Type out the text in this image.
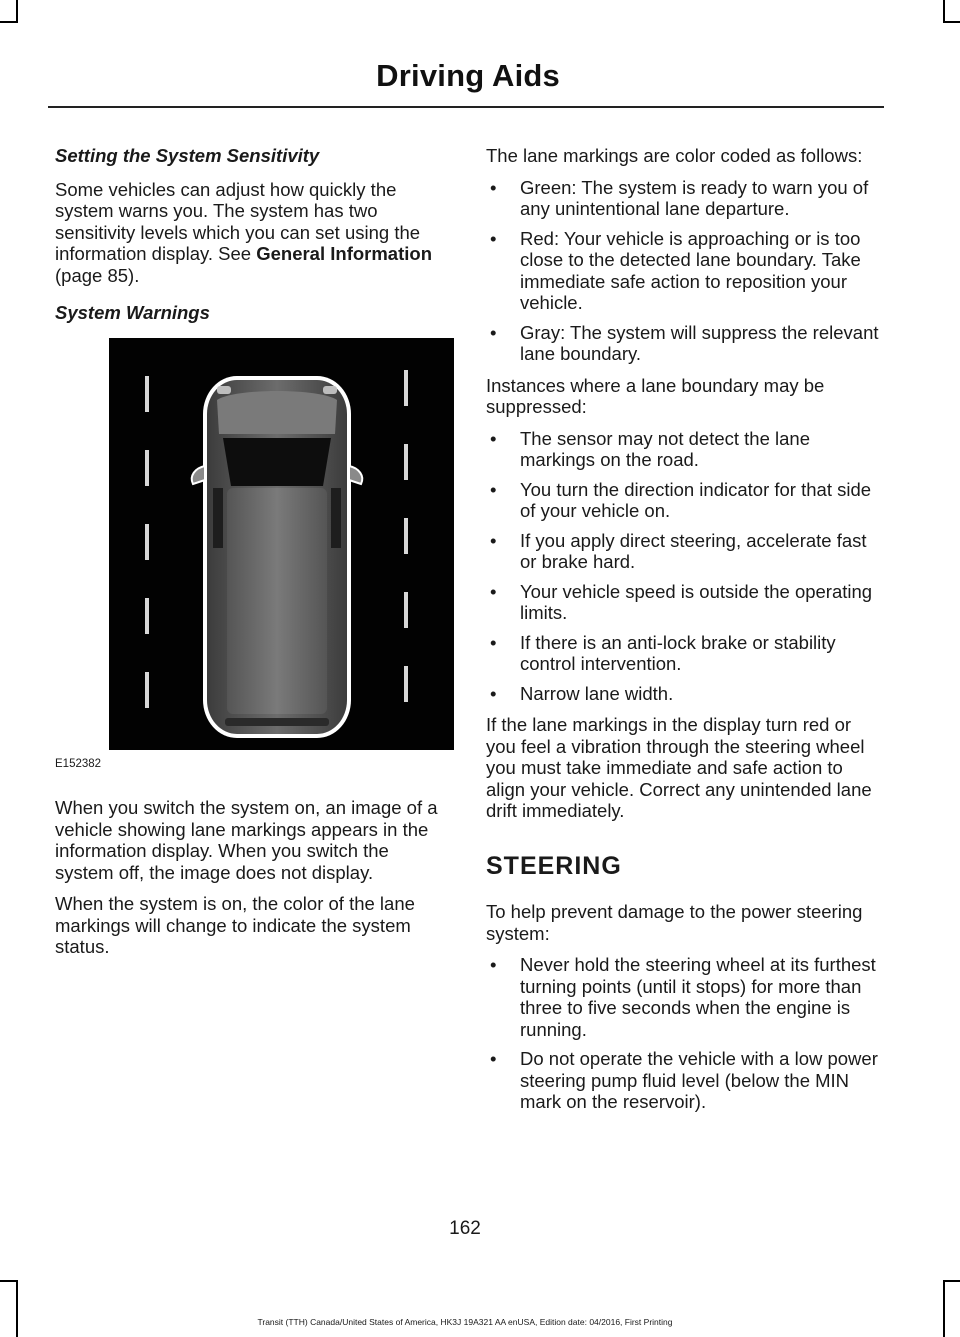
Driving Aids
Setting the System Sensitivity

Some vehicles can adjust how quickly the system warns you. The system has two sensitivity levels which you can set using the information display. See General Information (page 85).

System Warnings
E152382

When you switch the system on, an image of a vehicle showing lane markings appears in the information display. When you switch the system off, the image does not display.

When the system is on, the color of the lane markings will change to indicate the system status.

The lane markings are color coded as follows:

• Green: The system is ready to warn you of any unintentional lane departure.
• Red: Your vehicle is approaching or is too close to the detected lane boundary. Take immediate safe action to reposition your vehicle.
• Gray: The system will suppress the relevant lane boundary.

Instances where a lane boundary may be suppressed:

• The sensor may not detect the lane markings on the road.
• You turn the direction indicator for that side of your vehicle on.
• If you apply direct steering, accelerate fast or brake hard.
• Your vehicle speed is outside the operating limits.
• If there is an anti-lock brake or stability control intervention.
• Narrow lane width.

If the lane markings in the display turn red or you feel a vibration through the steering wheel you must take immediate and safe action to align your vehicle. Correct any unintended lane drift immediately.

STEERING

To help prevent damage to the power steering system:

• Never hold the steering wheel at its furthest turning points (until it stops) for more than three to five seconds when the engine is running.
• Do not operate the vehicle with a low power steering pump fluid level (below the MIN mark on the reservoir).
162
Transit (TTH) Canada/United States of America, HK3J 19A321 AA enUSA, Edition date: 04/2016, First Printing
